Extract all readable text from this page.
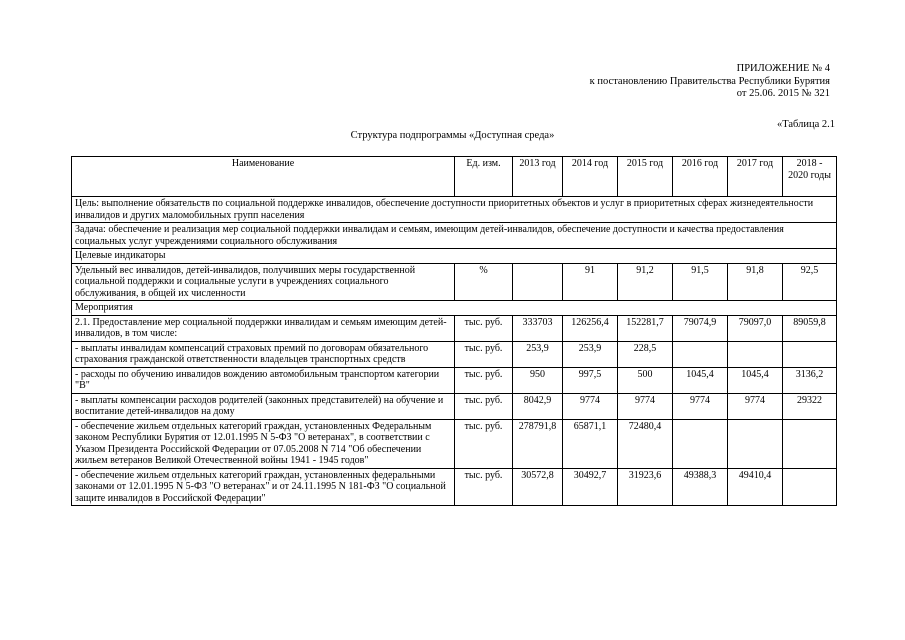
ПРИЛОЖЕНИЕ № 4
к постановлению Правительства Республики Бурятия
от 25.06. 2015 № 321
«Таблица 2.1
Структура подпрограммы «Доступная среда»
Наименование	Ед. изм.	2013 год	2014 год	2015 год	2016 год	2017 год	2018 - 2020 годы
Цель: выполнение обязательств по социальной поддержке инвалидов, обеспечение доступности приоритетных объектов и услуг в приоритетных сферах жизнедеятельности инвалидов и других маломобильных групп населения							
Задача: обеспечение и реализация мер социальной поддержки инвалидам и семьям, имеющим детей-инвалидов, обеспечение доступности и качества предоставления социальных услуг учреждениями социального обслуживания							
Целевые индикаторы							
Удельный вес инвалидов, детей-инвалидов, получивших меры государственной социальной поддержки и социальные услуги в учреждениях социального обслуживания, в общей их численности	%		91	91,2	91,5	91,8	92,5
Мероприятия							
2.1. Предоставление мер социальной поддержки инвалидам и семьям имеющим детей-инвалидов, в том числе:	тыс. руб.	333703	126256,4	152281,7	79074,9	79097,0	89059,8
- выплаты инвалидам компенсаций страховых премий по договорам обязательного страхования гражданской ответственности владельцев транспортных средств	тыс. руб.	253,9	253,9	228,5			
- расходы по обучению инвалидов вождению автомобильным транспортом категории "В"	тыс. руб.	950	997,5	500	1045,4	1045,4	3136,2
- выплаты компенсации расходов родителей (законных представителей) на обучение и воспитание детей-инвалидов на дому	тыс. руб.	8042,9	9774	9774	9774	9774	29322
- обеспечение жильем отдельных категорий граждан, установленных Федеральным законом Республики Бурятия от 12.01.1995 N 5-ФЗ "О ветеранах", в соответствии с Указом Президента Российской Федерации от 07.05.2008 N 714 "Об обеспечении жильем ветеранов Великой Отечественной войны 1941 - 1945 годов"	тыс. руб.	278791,8	65871,1	72480,4			
- обеспечение жильем отдельных категорий граждан, установленных федеральными законами от 12.01.1995 N 5-ФЗ "О ветеранах" и от 24.11.1995 N 181-ФЗ "О социальной защите инвалидов в Российской Федерации"	тыс. руб.	30572,8	30492,7	31923,6	49388,3	49410,4	
